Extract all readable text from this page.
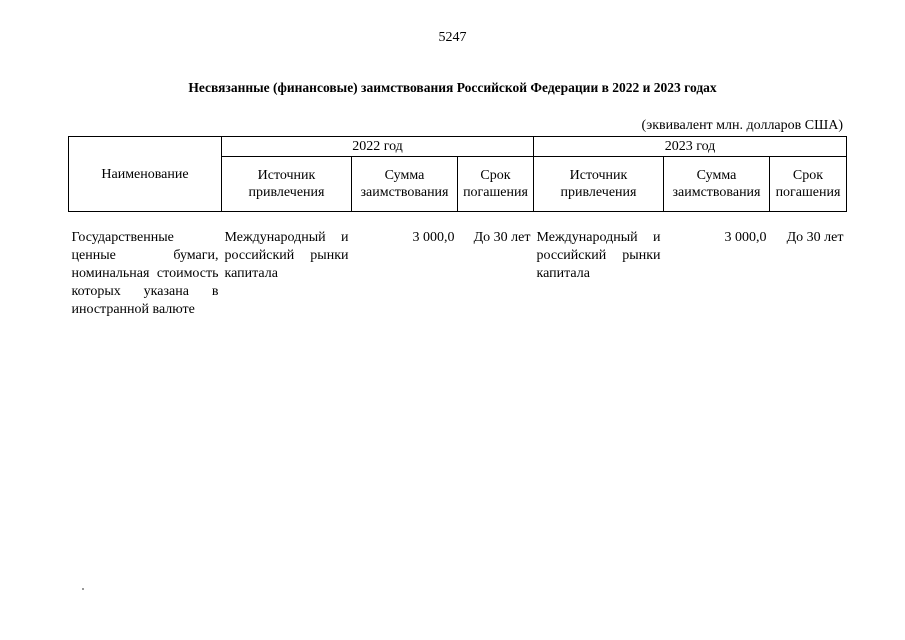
5247
Несвязанные (финансовые) заимствования Российской Федерации в 2022 и 2023 годах
(эквивалент млн. долларов США)
Наименование	2022 год			2023 год		
	Источник привлечения	Сумма заимствования	Срок погашения	Источник привлечения	Сумма заимствования	Срок погашения
Государственные ценные бумаги, номинальная стоимость которых указана в иностранной валюте	Международный и российский рынки капитала	3 000,0	До 30 лет	Международный и российский рынки капитала	3 000,0	До 30 лет
